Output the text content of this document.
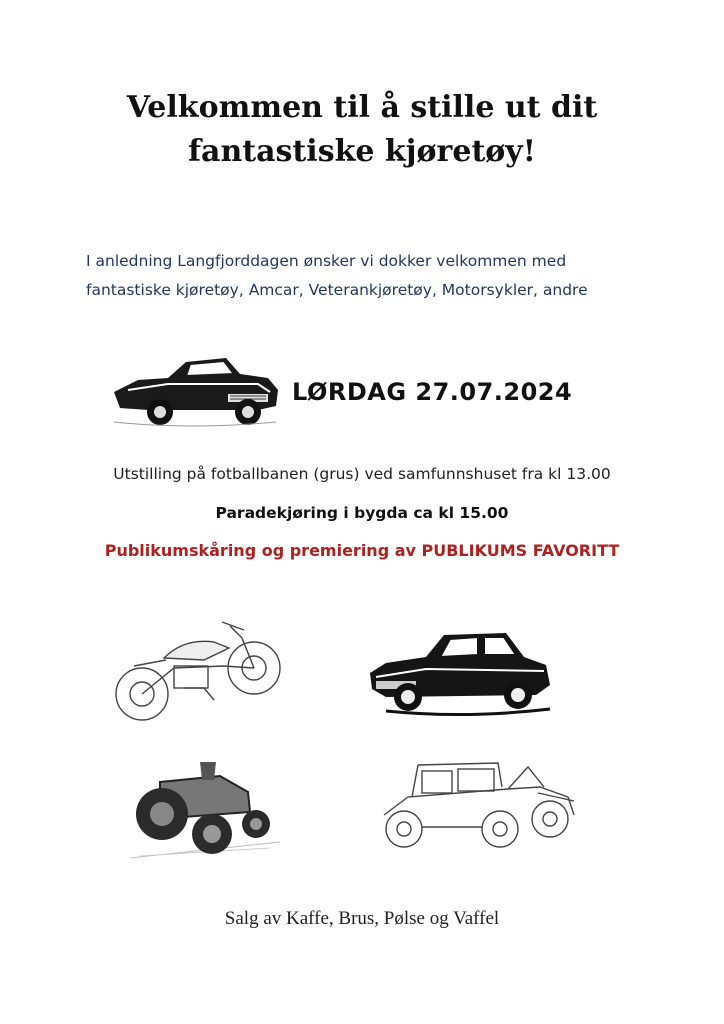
Velkommen til å stille ut dit
fantastiske kjøretøy!
I anledning Langfjorddagen ønsker vi dokker velkommen med
fantastiske kjøretøy, Amcar, Veterankjøretøy, Motorsykler, andre
LØRDAG 27.07.2024
Utstilling på fotballbanen (grus) ved samfunnshuset fra kl 13.00
Paradekjøring i bygda ca kl 15.00
Publikumskåring og premiering av PUBLIKUMS FAVORITT

Salg av Kaffe, Brus, Pølse og Vaffel
